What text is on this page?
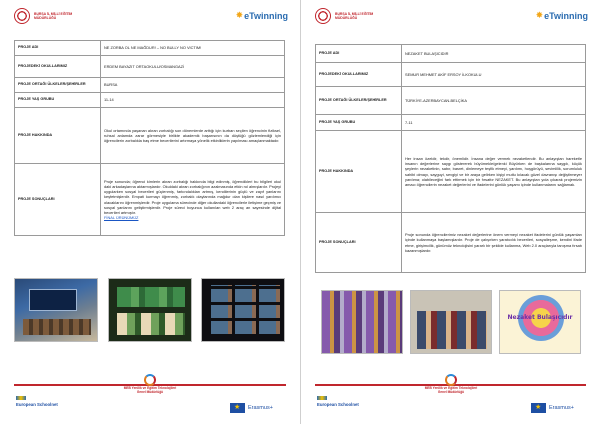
BURSA İL MİLLİ EĞİTİM MÜDÜRLÜĞÜ	✸ eTwinning
PROJE ADI	NE ZORBA OL NE MAĞDUR! – NO BULLY NO VICTIM!
PROJEDEKİ OKULLARIMIZ	ERDEM BAYAZIT ORTAOKULU/OSMANGAZİ
PROJE ORTAĞI ÜLKELER/ŞEHİRLER	BURSA
PROJE YAŞ GRUBU	11-14
PROJE HAKKINDA	Okul ortamında yaşanan akran zorbalığı son dönemlerde arttığı için kurban seçilen öğrencinin fiziksel, ruhsal anlamda zarar görmesiyle birlikte akademik başarısının da düştüğü gözlemlendiği için öğrencilerin zorbalıkla baş etme becerilerini artırmaya yönelik etkinliklerin yapılması amaçlanmaktadır.
PROJE SONUÇLARI	Proje sonunda; öğrenci kimlerin akran zorbalığı hakkında bilgi edinmiş, öğrendikleri bu bilgileri okul daki arkadaşlarına aktarmışlardır. Okuldaki akran zorbalığının azalmasında etkin rol almışlardır. Projeyi uygularken sosyal becerileri güçlenmiş, farkındalıkları artmış, kendilerinin güçlü ve zayıf yanlarını keşfetmişlerdir. Empati kurmayı öğrenmiş, zorbalık olaylarında mağdur olan kişilere nasıl yardımcı olacaklarını öğrenmişlerdir. Proje uygulama sürecinde diğer okullardaki öğrencilerle iletişime geçmiş ve sosyal yanlarını geliştirmişlerdir. Proje süreci boyunca kullanılan web 2 araç an sayesinde dijital becerileri artmıştır.
FİNAL ÜRÜNÜMÜZ
MEB Yenilik ve Eğitim Teknolojileri Genel Müdürlüğü
European Schoolnet
★
Erasmus+
BURSA İL MİLLİ EĞİTİM MÜDÜRLÜĞÜ	✸ eTwinning
PROJE ADI	NEZAKET BULAŞICIDIR
PROJEDEKİ OKULLARIMIZ	SEMUR MEHMET AKİF ERSOY İLKOKULU
PROJE ORTAĞI ÜLKELER/ŞEHİRLER	TÜRKİYE-AZERBAYCAN-BELÇİKA
PROJE YAŞ GRUBU	7-11
PROJE HAKKINDA	Her insan özeldir, tekdir, önemlidir. İnsana değer vermek nezaketlendir. Bu anlayıştan hareketle insanın değerlerine saygı göstererek büyümekle/gelenki Büyürken de başkalarına saygılı, küçük şeylerin nezaketinin, sabır, basret, dinlemeye teşfik etmeyi, yardımı, hoşgörüyü, sevimlilik, sorumluluk sahibi olmayı, sayguyi, sevgiyi ve bir araya gelirken kişiyi mutlu kılacak güzel davranışı değiştirmeyer yardıma; olabileceğini fark ettirmek için bir fırsattır NEZAKET. Bu anlayıştan yola çıkarak projemizin amacı öğrencilerin nezaket değerlerini ve ifadelerini günlük yaşamı içinde kullanmalarını sağlamak.
PROJE SONUÇLARI	Proje sonunda öğrencilerimiz nezaket değerlerine önem vermeyi nezaket ifadelerini günlük yaşamları içinde kullanmaya başlamışlardır. Proje de çalışırken yaratıcılık becerileri, sosyalleşme, kendini ifade etme, girişimcilik, günümüz teknolojisini yararlı bir şekilde kullanma, Web 2.0 araçlarıyla tanışma fırsatı kazanmışlardır.
Nezaket Bulaşıcıdır
MEB Yenilik ve Eğitim Teknolojileri Genel Müdürlüğü
European Schoolnet
★
Erasmus+
